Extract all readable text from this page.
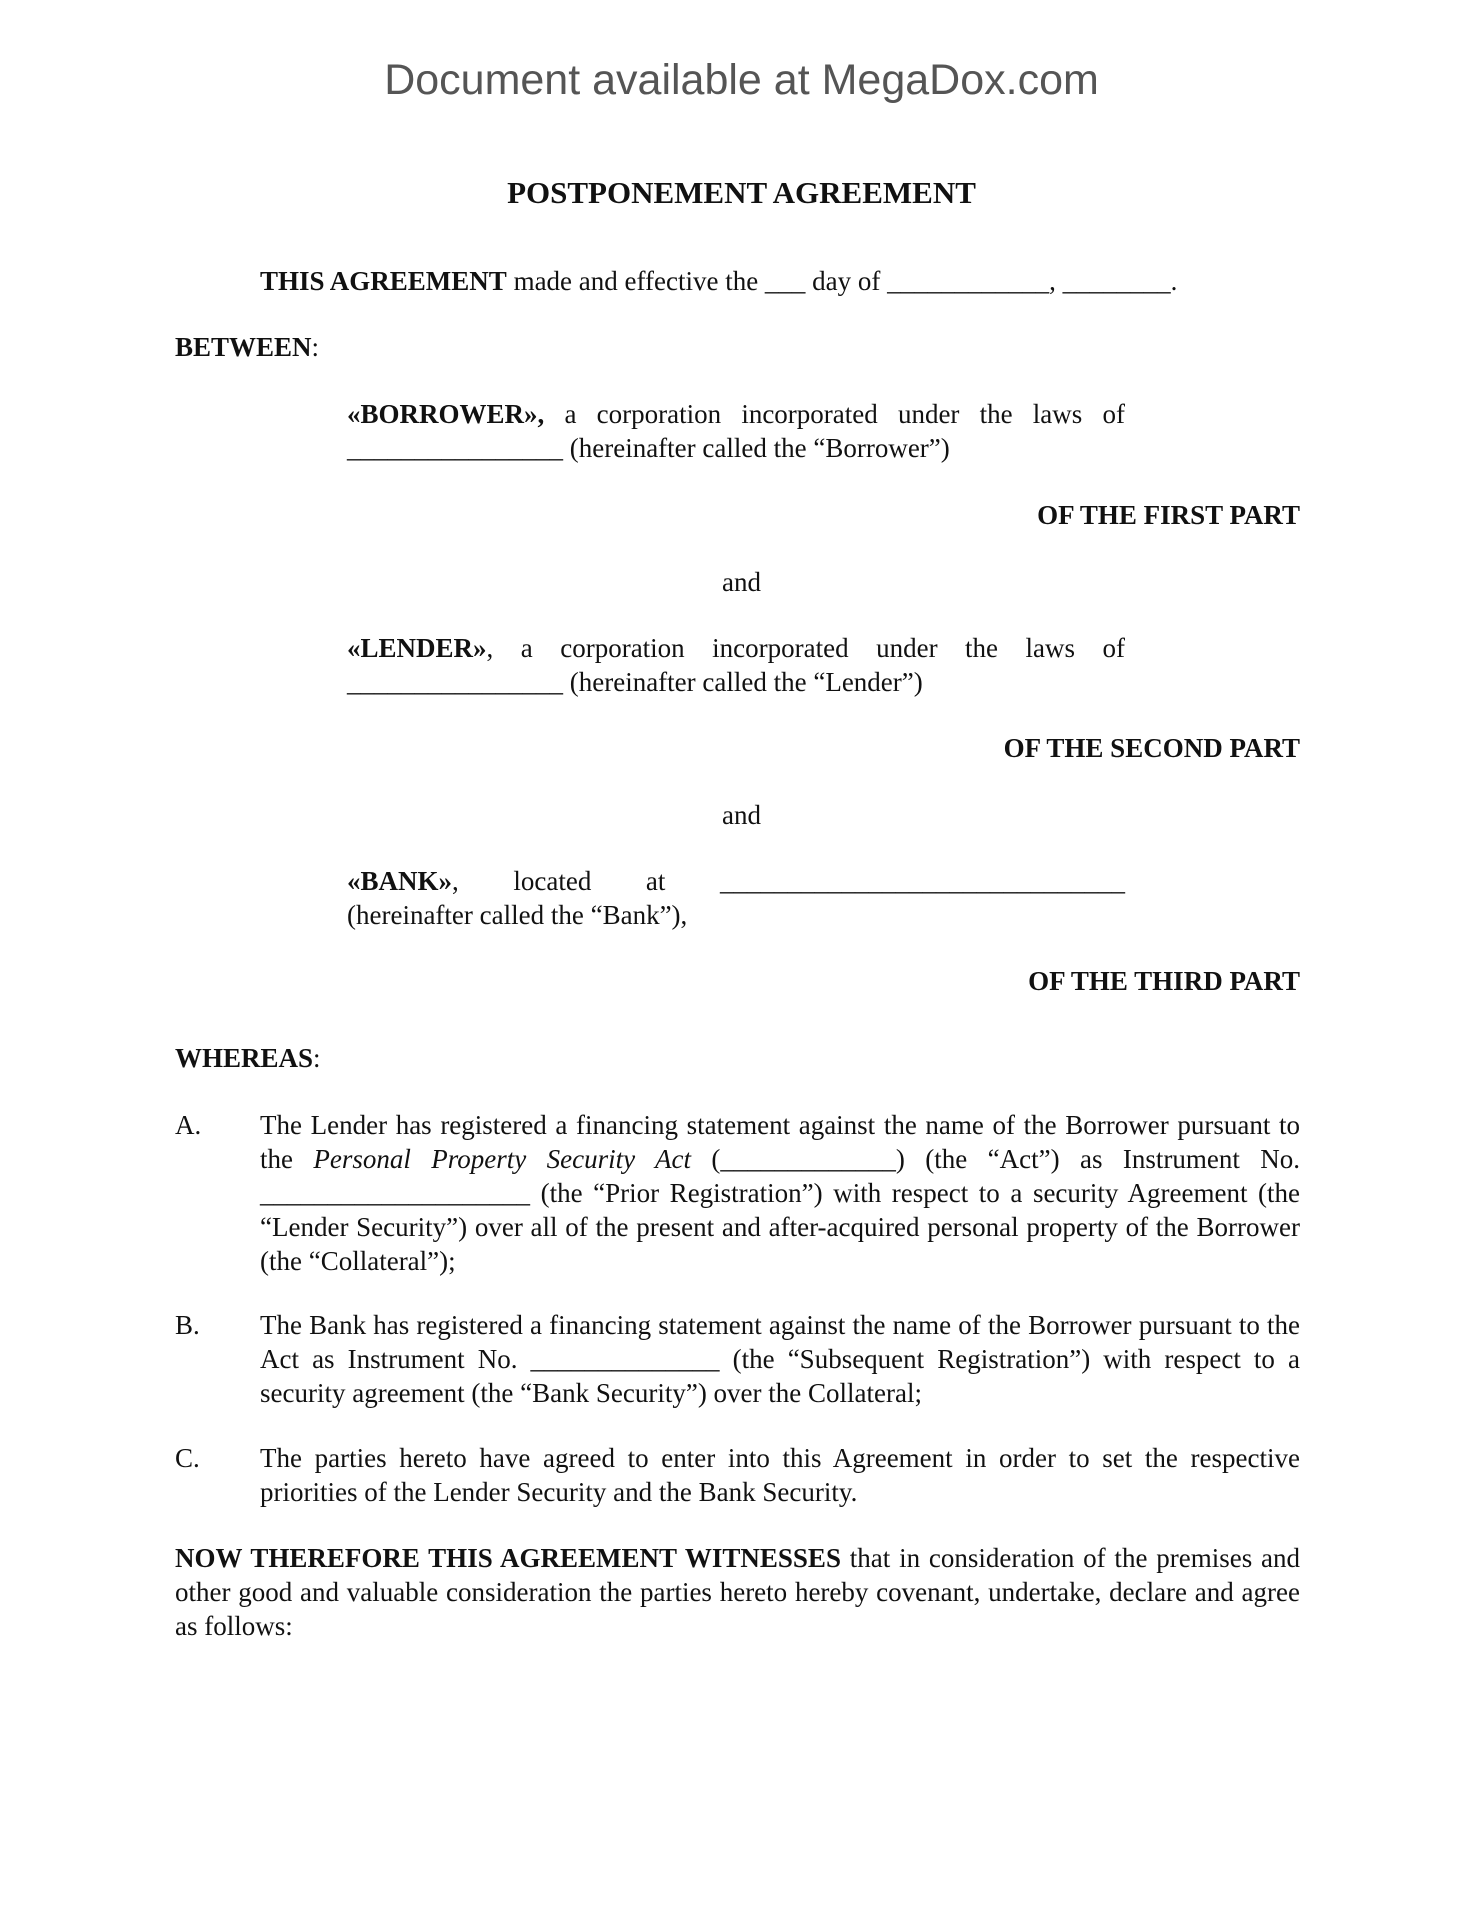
Document available at MegaDox.com
POSTPONEMENT AGREEMENT
THIS AGREEMENT made and effective the ___ day of ____________, ________.
BETWEEN:
«BORROWER», a corporation incorporated under the laws of
________________ (hereinafter called the “Borrower”)
OF THE FIRST PART
and
«LENDER», a corporation incorporated under the laws of
________________ (hereinafter called the “Lender”)
OF THE SECOND PART
and
«BANK», located at ______________________________
(hereinafter called the “Bank”),
OF THE THIRD PART
WHEREAS:
A. The Lender has registered a financing statement against the name of the Borrower pursuant to the Personal Property Security Act (_____________) (the “Act”) as Instrument No. ____________________ (the “Prior Registration”) with respect to a security Agreement (the “Lender Security”) over all of the present and after-acquired personal property of the Borrower (the “Collateral”);
B. The Bank has registered a financing statement against the name of the Borrower pursuant to the Act as Instrument No. ______________ (the “Subsequent Registration”) with respect to a security agreement (the “Bank Security”) over the Collateral;
C. The parties hereto have agreed to enter into this Agreement in order to set the respective priorities of the Lender Security and the Bank Security.
NOW THEREFORE THIS AGREEMENT WITNESSES that in consideration of the premises and other good and valuable consideration the parties hereto hereby covenant, undertake, declare and agree as follows:
